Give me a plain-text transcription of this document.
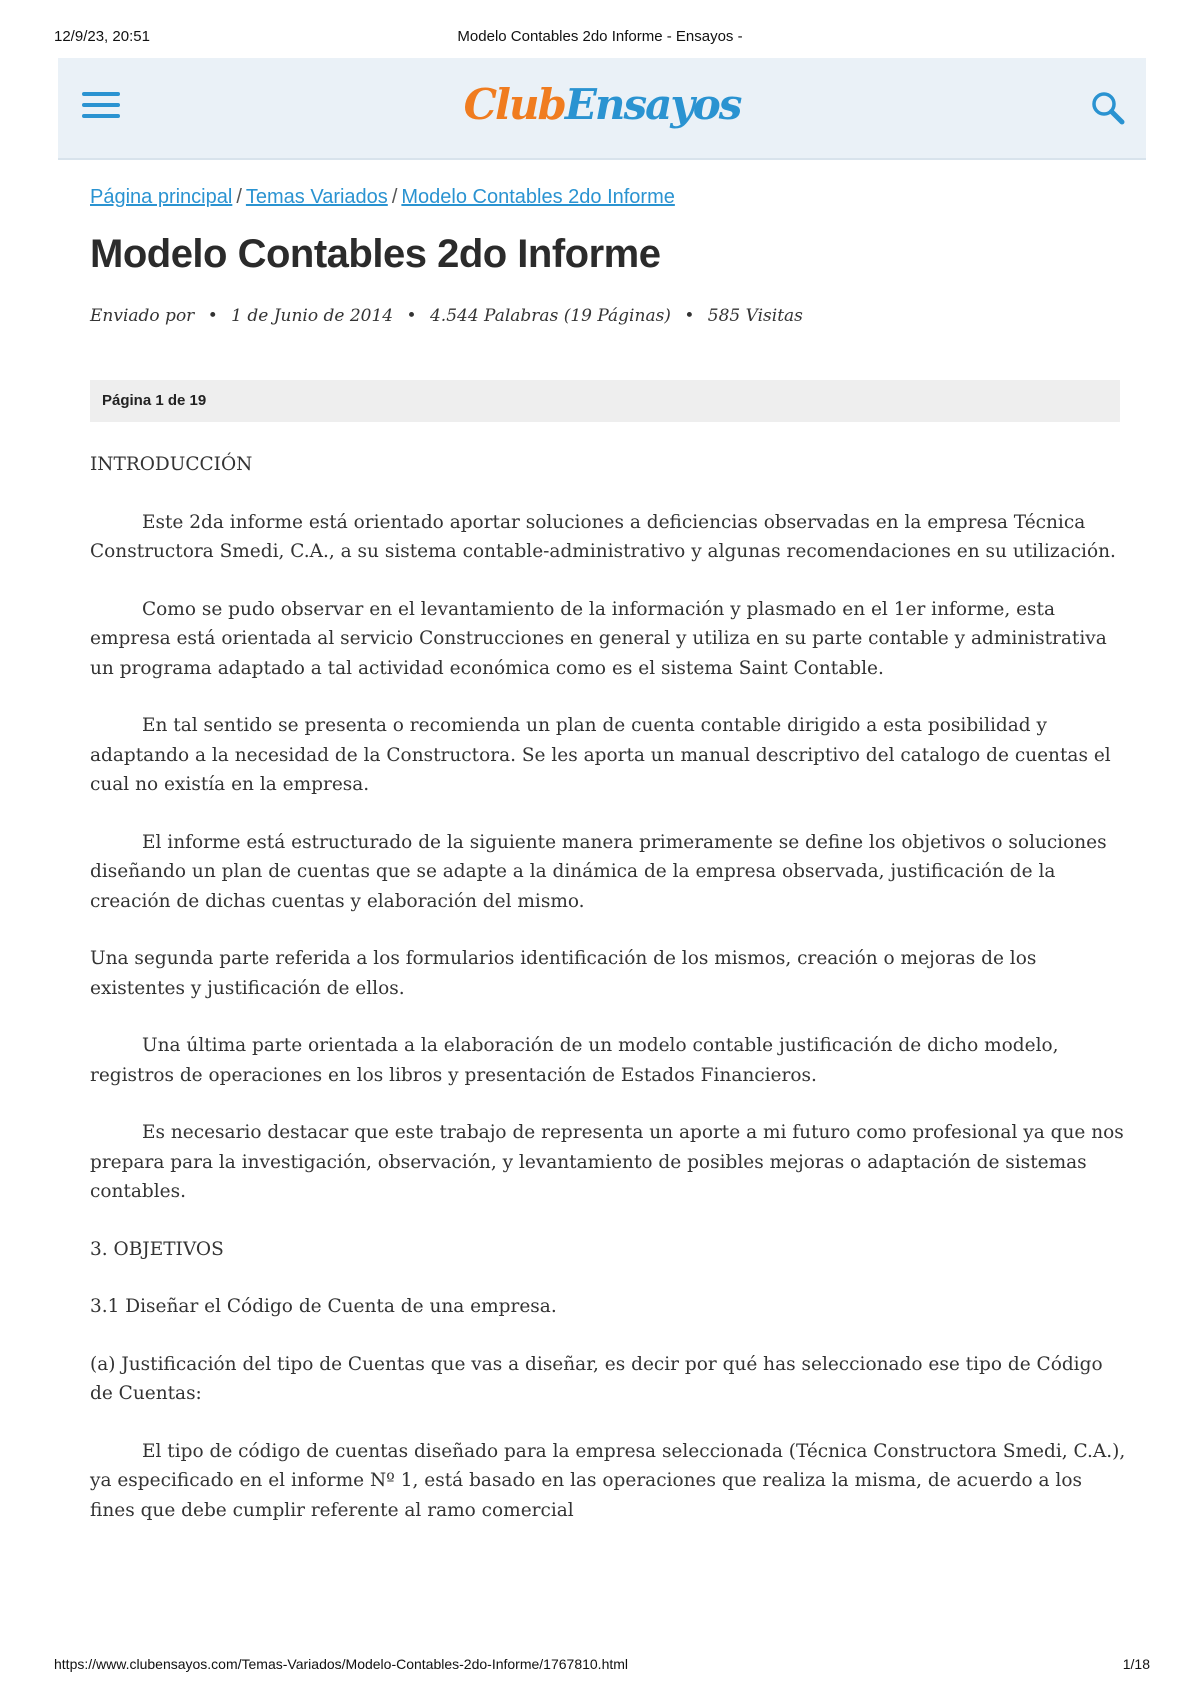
12/9/23, 20:51	Modelo Contables 2do Informe - Ensayos -
ClubEnsayos
Página principal / Temas Variados / Modelo Contables 2do Informe
Modelo Contables 2do Informe
Enviado por • 1 de Junio de 2014 • 4.544 Palabras (19 Páginas) • 585 Visitas
Página 1 de 19

INTRODUCCIÓN

Este 2da informe está orientado aportar soluciones a deficiencias observadas en la empresa Técnica Constructora Smedi, C.A., a su sistema contable-administrativo y algunas recomendaciones en su utilización.

Como se pudo observar en el levantamiento de la información y plasmado en el 1er informe, esta empresa está orientada al servicio Construcciones en general y utiliza en su parte contable y administrativa un programa adaptado a tal actividad económica como es el sistema Saint Contable.

En tal sentido se presenta o recomienda un plan de cuenta contable dirigido a esta posibilidad y adaptando a la necesidad de la Constructora. Se les aporta un manual descriptivo del catalogo de cuentas el cual no existía en la empresa.

El informe está estructurado de la siguiente manera primeramente se define los objetivos o soluciones diseñando un plan de cuentas que se adapte a la dinámica de la empresa observada, justificación de la creación de dichas cuentas y elaboración del mismo.

Una segunda parte referida a los formularios identificación de los mismos, creación o mejoras de los existentes y justificación de ellos.

Una última parte orientada a la elaboración de un modelo contable justificación de dicho modelo, registros de operaciones en los libros y presentación de Estados Financieros.

Es necesario destacar que este trabajo de representa un aporte a mi futuro como profesional ya que nos prepara para la investigación, observación, y levantamiento de posibles mejoras o adaptación de sistemas contables.

3. OBJETIVOS

3.1 Diseñar el Código de Cuenta de una empresa.

(a) Justificación del tipo de Cuentas que vas a diseñar, es decir por qué has seleccionado ese tipo de Código de Cuentas:

El tipo de código de cuentas diseñado para la empresa seleccionada (Técnica Constructora Smedi, C.A.), ya especificado en el informe Nº 1, está basado en las operaciones que realiza la misma, de acuerdo a los fines que debe cumplir referente al ramo comercial

https://www.clubensayos.com/Temas-Variados/Modelo-Contables-2do-Informe/1767810.html	1/18
